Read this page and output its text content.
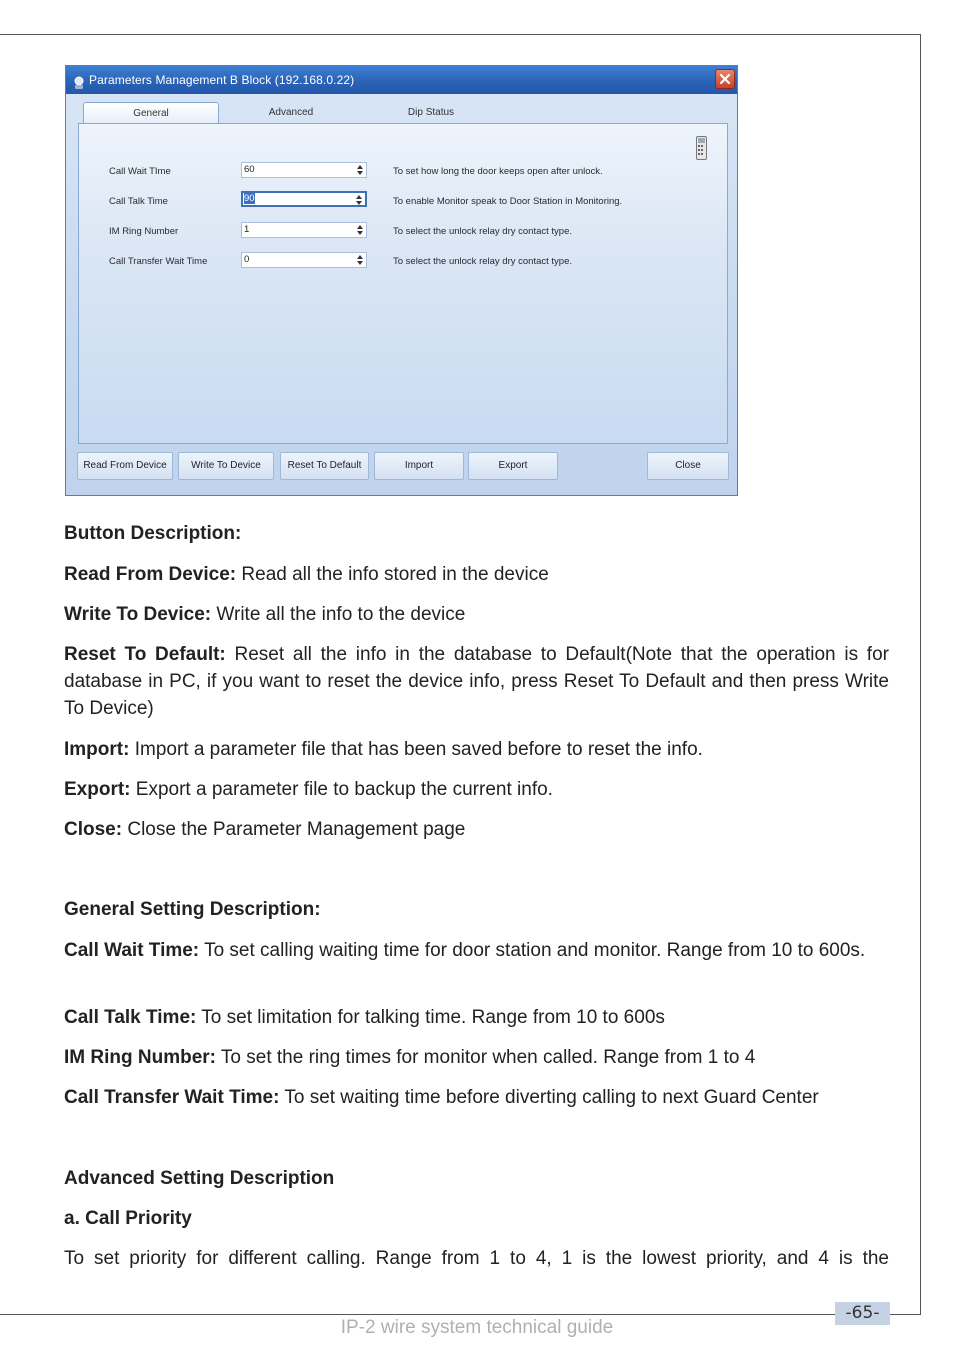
Parameters Management B Block (192.168.0.22)
General	Advanced	Dip Status
Call Wait TIme	60	To set how long the door keeps open after unlock.
Call Talk Time	90	To enable Monitor speak to Door Station in Monitoring.
IM Ring Number	1	To select the unlock relay dry contact type.
Call Transfer Wait Time	0	To select the unlock relay dry contact type.
Read From Device	Write To Device	Reset To Default	Import	Export	Close
Button Description:
Read From Device: Read all the info stored in the device
Write To Device: Write all the info to the device
Reset To Default: Reset all the info in the database to Default(Note that the operation is for database in PC, if you want to reset the device info, press Reset To Default and then press Write To Device)
Import: Import a parameter file that has been saved before to reset the info.
Export: Export a parameter file to backup the current info.
Close: Close the Parameter Management page
General Setting Description:
Call Wait Time: To set calling waiting time for door station and monitor. Range from 10 to 600s.
Call Talk Time: To set limitation for talking time. Range from 10 to 600s
IM Ring Number: To set the ring times for monitor when called. Range from 1 to 4
Call Transfer Wait Time: To set waiting time before diverting calling to next Guard Center
Advanced Setting Description
a. Call Priority
To set priority for different calling. Range from 1 to 4, 1 is the lowest priority, and 4 is the
-65-
IP-2 wire system technical guide
